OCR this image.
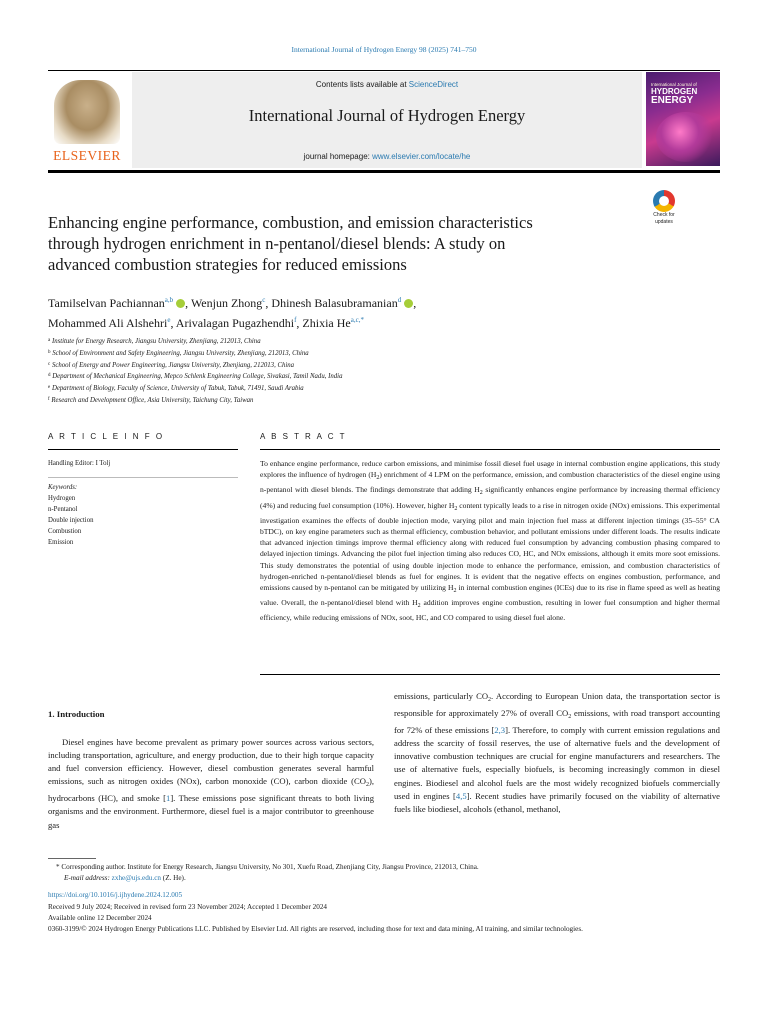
International Journal of Hydrogen Energy 98 (2025) 741–750
ELSEVIER
Contents lists available at ScienceDirect
International Journal of Hydrogen Energy
journal homepage: www.elsevier.com/locate/he
International Journal of
HYDROGEN
ENERGY
Enhancing engine performance, combustion, and emission characteristics
through hydrogen enrichment in n-pentanol/diesel blends: A study on
advanced combustion strategies for reduced emissions
Check for
updates
Tamilselvan Pachiannan$^{a,b}$ , Wenjun Zhong$^c$, Dhinesh Balasubramanian$^d$ ,
Mohammed Ali Alshehri$^e$, Arivalagan Pugazhendhi$^f$, Zhixia He$^{a,c,*}$
$^a$ Institute for Energy Research, Jiangsu University, Zhenjiang, 212013, China
$^b$ School of Environment and Safety Engineering, Jiangsu University, Zhenjiang, 212013, China
$^c$ School of Energy and Power Engineering, Jiangsu University, Zhenjiang, 212013, China
$^d$ Department of Mechanical Engineering, Mepco Schlenk Engineering College, Sivakasi, Tamil Nadu, India
$^e$ Department of Biology, Faculty of Science, University of Tabuk, Tabuk, 71491, Saudi Arabia
$^f$ Research and Development Office, Asia University, Taichung City, Taiwan
A R T I C L E I N F O	A B S T R A C T
Handling Editor: I Tolj
Keywords:
Hydrogen
n-Pentanol
Double injection
Combustion
Emission
To enhance engine performance, reduce carbon emissions, and minimise fossil diesel fuel usage in internal combustion engine applications, this study explores the influence of hydrogen $(H_2)$ enrichment of 4 LPM on the performance, emission, and combustion characteristics of the diesel engine using n-pentanol with diesel blends. The findings demonstrate that adding $H_2$ significantly enhances engine performance by increasing thermal efficiency (4%) and reducing fuel consumption (10%). However, higher $H_2$ content typically leads to a rise in nitrogen oxide (NOx) emissions. This experimental investigation examines the effects of double injection mode, varying pilot and main injection fuel mass at different injection timings (35–55° CA bTDC), on key engine parameters such as thermal efficiency, combustion behavior, and pollutant emissions under different loads. The results indicate that advanced injection timings improve thermal efficiency along with reduced fuel consumption by advancing combustion phasing compared to delayed injection timings. Advancing the pilot fuel injection timing also reduces CO, HC, and NOx emissions, although it emits more soot emissions. This study demonstrates the potential of using double injection mode to enhance the performance, emission, and combustion characteristics of hydrogen-enriched n-pentanol/diesel blends as fuel for engines. It is evident that the negative effects on engines combustion, performance, and emissions caused by n-pentanol can be mitigated by utilizing $H_2$ in internal combustion engines (ICEs) due to its rise in flame speed as well as heating value. Overall, the n-pentanol/diesel blend with $H_2$ addition improves engine combustion, resulting in lower fuel consumption and higher thermal efficiency, while reducing emissions of NOx, soot, HC, and CO compared to using diesel fuel alone.
1. Introduction
Diesel engines have become prevalent as primary power sources across various sectors, including transportation, agriculture, and energy production, due to their high torque capacity and fuel conversion efficiency. However, diesel combustion generates several harmful emissions, such as nitrogen oxides (NOx), carbon monoxide (CO), carbon dioxide $(CO_2)$, hydrocarbons (HC), and smoke [1]. These emissions pose significant threats to both living organisms and the environment. Furthermore, diesel fuel is a major contributor to greenhouse gas
emissions, particularly $CO_2$. According to European Union data, the transportation sector is responsible for approximately 27% of overall $CO_2$ emissions, with road transport accounting for 72% of these emissions [2,3]. Therefore, to comply with current emission regulations and address the scarcity of fossil reserves, the use of alternative fuels and the development of innovative combustion techniques are crucial for engine manufacturers and researchers. The use of alternative fuels, especially biofuels, is becoming increasingly common in diesel engines. Biodiesel and alcohol fuels are the most widely recognized biofuels commercially used in engines [4,5]. Recent studies have primarily focused on the viability of alternative fuels like biodiesel, alcohols (ethanol, methanol,
* Corresponding author. Institute for Energy Research, Jiangsu University, No 301, Xuefu Road, Zhenjiang City, Jiangsu Province, 212013, China.
E-mail address: zxhe@ujs.edu.cn (Z. He).
https://doi.org/10.1016/j.ijhydene.2024.12.005
Received 9 July 2024; Received in revised form 23 November 2024; Accepted 1 December 2024
Available online 12 December 2024
0360-3199/© 2024 Hydrogen Energy Publications LLC. Published by Elsevier Ltd. All rights are reserved, including those for text and data mining, AI training, and similar technologies.
